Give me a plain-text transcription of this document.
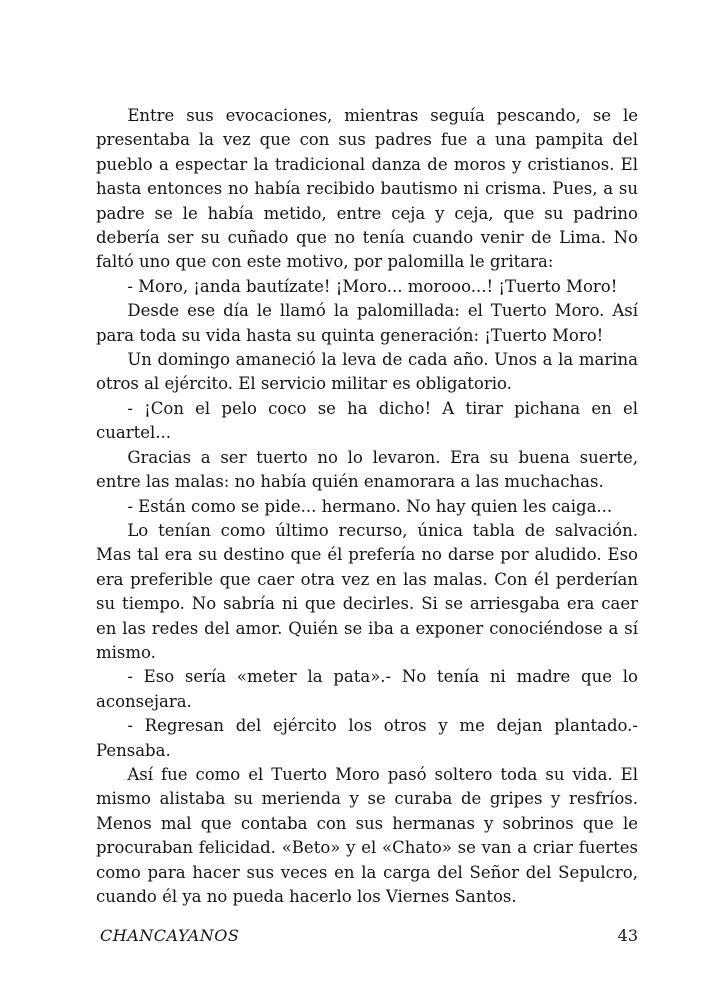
Entre sus evocaciones, mientras seguía pescando, se le presentaba la vez que con sus padres fue a una pampita del pueblo a espectar la tradicional danza de moros y cristianos. El hasta entonces no había recibido bautismo ni crisma. Pues, a su padre se le había metido, entre ceja y ceja, que su padrino debería ser su cuñado que no tenía cuando venir de Lima. No faltó uno que con este motivo, por palomilla le gritara:

- Moro, ¡anda bautízate! ¡Moro... morooo...! ¡Tuerto Moro!

Desde ese día le llamó la palomillada: el Tuerto Moro. Así para toda su vida hasta su quinta generación: ¡Tuerto Moro!

Un domingo amaneció la leva de cada año. Unos a la marina otros al ejército. El servicio militar es obligatorio.

- ¡Con el pelo coco se ha dicho! A tirar pichana en el cuartel...

Gracias a ser tuerto no lo levaron. Era su buena suerte, entre las malas: no había quién enamorara a las muchachas.

- Están como se pide... hermano. No hay quien les caiga...

Lo tenían como último recurso, única tabla de salvación. Mas tal era su destino que él prefería no darse por aludido. Eso era preferible que caer otra vez en las malas. Con él perderían su tiempo. No sabría ni que decirles. Si se arriesgaba era caer en las redes del amor. Quién se iba a exponer conociéndose a sí mismo.

- Eso sería «meter la pata».- No tenía ni madre que lo aconsejara.

- Regresan del ejército los otros y me dejan plantado.- Pensaba.

Así fue como el Tuerto Moro pasó soltero toda su vida. El mismo alistaba su merienda y se curaba de gripes y resfríos. Menos mal que contaba con sus hermanas y sobrinos que le procuraban felicidad. «Beto» y el «Chato» se van a criar fuertes como para hacer sus veces en la carga del Señor del Sepulcro, cuando él ya no pueda hacerlo los Viernes Santos.

CHANCAYANOS	43
